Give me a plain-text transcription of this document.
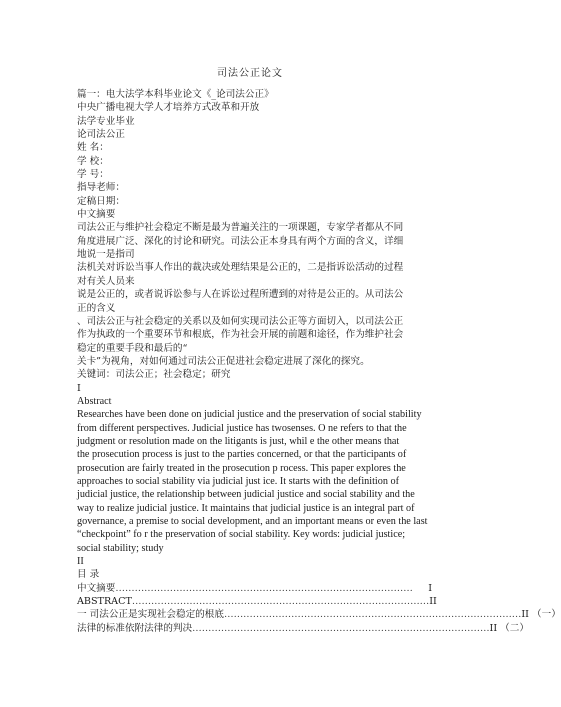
司法公正论文
篇一：电大法学本科毕业论文《_论司法公正》
中央广播电视大学人才培养方式改革和开放
法学专业毕业
论司法公正
姓 名：
学 校：
学 号：
指导老师：
定稿日期：
中文摘要
司法公正与维护社会稳定不断是最为普遍关注的一项课题，专家学者都从不同
角度进展广泛、深化的讨论和研究。司法公正本身具有两个方面的含义，详细
地说一是指司
法机关对诉讼当事人作出的裁决或处理结果是公正的，二是指诉讼活动的过程
对有关人员来
说是公正的，或者说诉讼参与人在诉讼过程所遭到的对待是公正的。从司法公
正的含义
、司法公正与社会稳定的关系以及如何实现司法公正等方面切入，以司法公正
作为执政的一个重要环节和根底，作为社会开展的前题和途径，作为维护社会
稳定的重要手段和最后的“
关卡”为视角，对如何通过司法公正促进社会稳定进展了深化的探究。
关键词：司法公正；社会稳定；研究
I
Abstract
Researches have been done on judicial justice and the preservation of social stability
from different perspectives. Judicial justice has twosenses. O ne refers to that the
judgment or resolution made on the litigants is just, whil e the other means that
the prosecution process is just to the parties concerned, or that the participants of
prosecution are fairly treated in the prosecution p rocess. This paper explores the
approaches to social stability via judicial just ice. It starts with the definition of
judicial justice, the relationship between judicial justice and social stability and the
way to realize judicial justice. It maintains that judicial justice is an integral part of
governance, a premise to social development, and an important means or even the last
“checkpoint” fo r the preservation of social stability. Key words: judicial justice;
social stability; study
II
目 录
中文摘要 …………………………………………………………………………………	I
ABSTRACT ………………………………………………………………………………… II
一 司法公正是实现社会稳定的根底 ………………………………………………………………………………… II （一）
法律的标准依附法律的判决 ………………………………………………………………………………… II （二）
